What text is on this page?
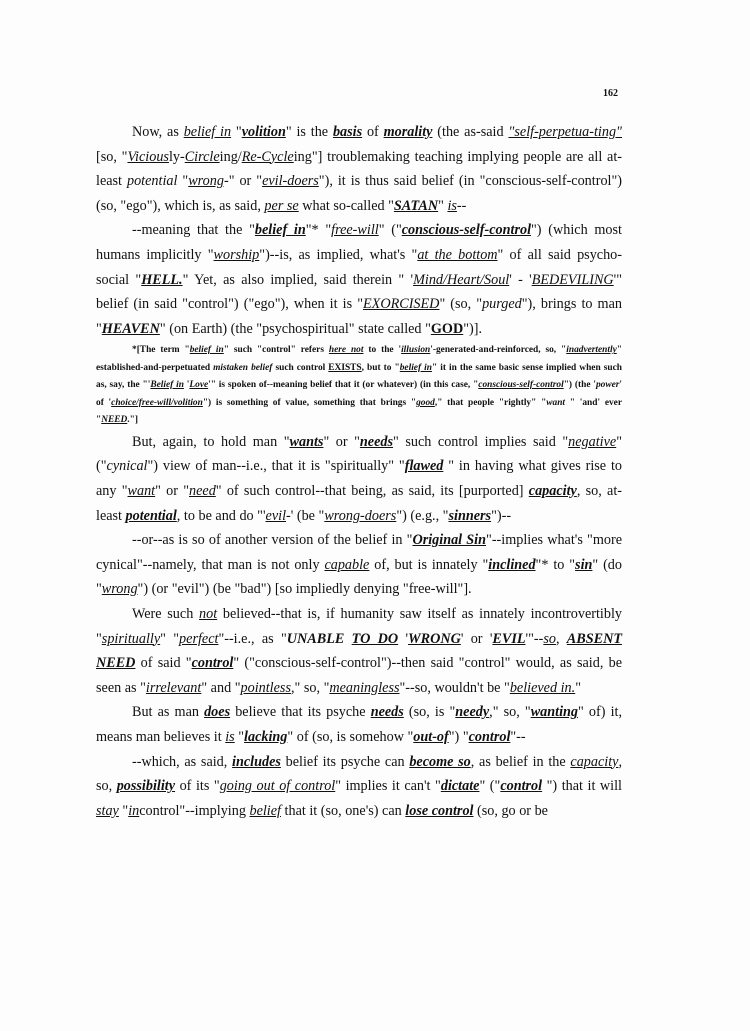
162

Now, as belief in "volition" is the basis of morality (the as-said "self-perpetua-ting" [so, "Viciously-Circleing/Re-Cycleing"] troublemaking teaching implying people are all at-least potential "wrong-" or "evil-doers"), it is thus said belief (in "conscious-self-control") (so, "ego"), which is, as said, per se what so-called "SATAN" is--

--meaning that the "belief in"* "free-will" ("conscious-self-control") (which most humans implicitly "worship")--is, as implied, what's "at the bottom" of all said psycho-social "HELL." Yet, as also implied, said therein " 'Mind/Heart/Soul' - 'BEDEVILING'" belief (in said "control") ("ego"), when it is "EXORCISED" (so, "purged"), brings to man "HEAVEN" (on Earth) (the "psychospiritual" state called "GOD")].

*[The term "belief in" such "control" refers here not to the 'illusion'-generated-and-reinforced, so, "inadvertently" established-and-perpetuated mistaken belief such control EXISTS, but to "belief in" it in the same basic sense implied when such as, say, the "'Belief in 'Love'" is spoken of--meaning belief that it (or whatever) (in this case, "conscious-self-control") (the 'power' of 'choice/free-will/volition") is something of value, something that brings "good," that people "rightly" "want " 'and' ever "NEED."]

But, again, to hold man "wants" or "needs" such control implies said "negative" ("cynical") view of man--i.e., that it is "spiritually" "flawed " in having what gives rise to any "want" or "need" of such control--that being, as said, its [purported] capacity, so, at-least potential, to be and do "'evil-' (be "wrong-doers") (e.g., "sinners")--

--or--as is so of another version of the belief in "Original Sin"--implies what's "more cynical"--namely, that man is not only capable of, but is innately "inclined"* to "sin" (do "wrong") (or "evil") (be "bad") [so impliedly denying "free-will"].

Were such not believed--that is, if humanity saw itself as innately incontrovertibly "spiritually" "perfect"--i.e., as "UNABLE TO DO 'WRONG' or 'EVIL'"--so, ABSENT NEED of said "control" ("conscious-self-control")--then said "control" would, as said, be seen as "irrelevant" and "pointless," so, "meaningless"--so, wouldn't be "believed in."

But as man does believe that its psyche needs (so, is "needy," so, "wanting" of) it, means man believes it is "lacking" of (so, is somehow "out-of") "control"--

--which, as said, includes belief its psyche can become so, as belief in the capacity, so, possibility of its "going out of control" implies it can't "dictate" ("control ") that it will stay "incontrol"--implying belief that it (so, one's) can lose control (so, go or be
